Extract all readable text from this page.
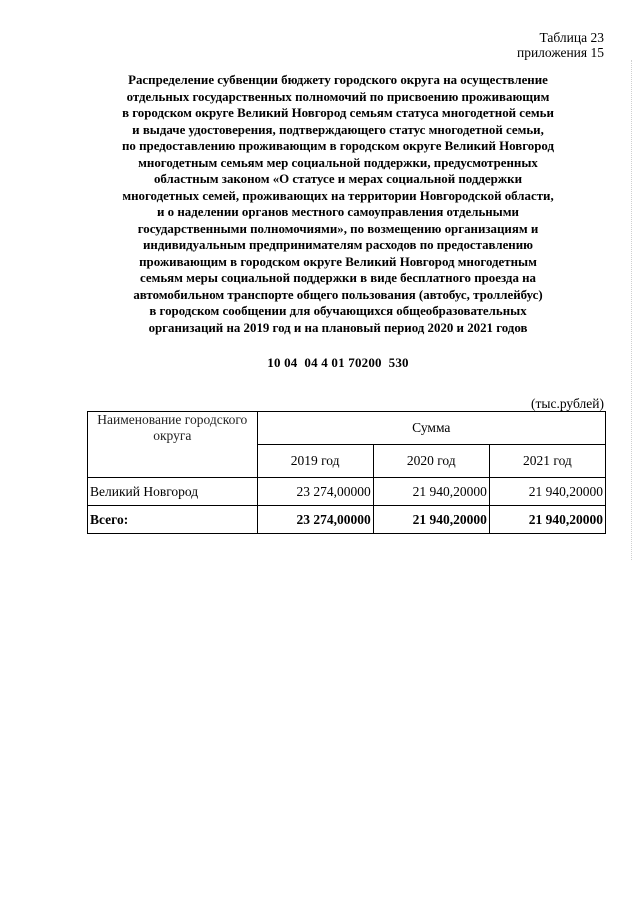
Таблица 23
приложения 15
Распределение субвенции бюджету городского округа на осуществление
отдельных государственных полномочий по присвоению проживающим
в городском округе Великий Новгород семьям статуса многодетной семьи
и выдаче удостоверения, подтверждающего статус многодетной семьи,
по предоставлению проживающим в городском округе Великий Новгород
многодетным семьям мер социальной поддержки, предусмотренных
областным законом «О статусе и мерах социальной поддержки
многодетных семей, проживающих на территории Новгородской области,
и о наделении органов местного самоуправления отдельными
государственными полномочиями», по возмещению организациям и
индивидуальным предпринимателям расходов по предоставлению
проживающим в городском округе Великий Новгород многодетным
семьям меры социальной поддержки в виде бесплатного проезда на
автомобильном транспорте общего пользования (автобус, троллейбус)
в городском сообщении для обучающихся общеобразовательных
организаций на 2019 год и на плановый период 2020 и 2021 годов
10 04  04 4 01 70200  530
(тыс.рублей)
Наименование городского округа	Сумма		
	2019 год	2020 год	2021 год
Великий Новгород	23 274,00000	21 940,20000	21 940,20000
Всего:	23 274,00000	21 940,20000	21 940,20000
